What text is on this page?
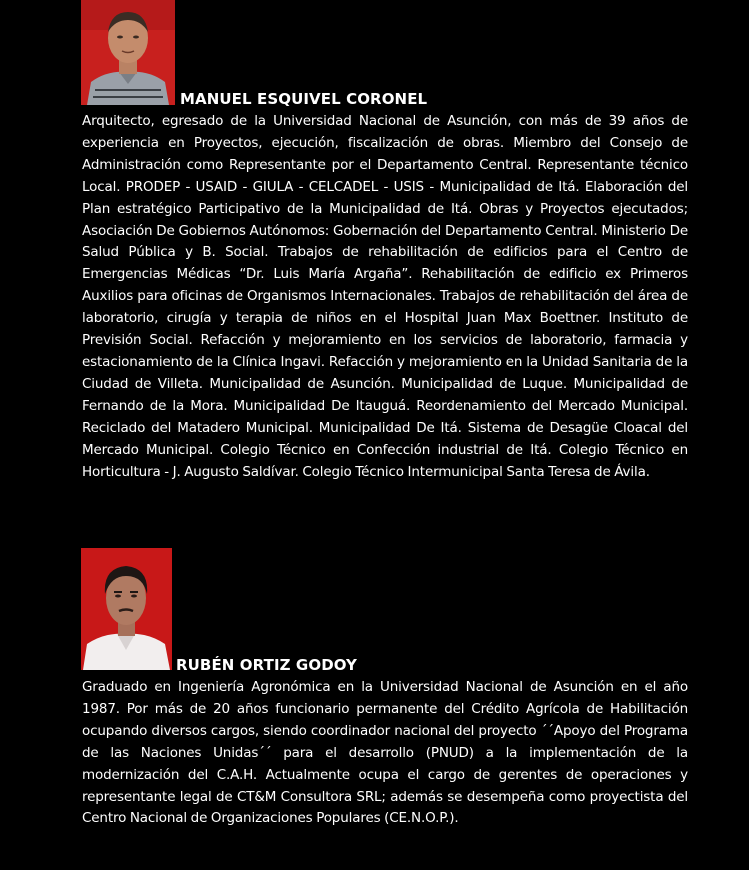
MANUEL ESQUIVEL CORONEL
Arquitecto, egresado de la Universidad Nacional de Asunción, con más de 39 años de experiencia en Proyectos, ejecución, fiscalización de obras. Miembro del Consejo de Administración como Representante por el Departamento Central. Representante técnico Local. PRODEP - USAID - GIULA - CELCADEL - USIS - Municipalidad de Itá. Elaboración del Plan estratégico Participativo de la Municipalidad de Itá. Obras y Proyectos ejecutados; Asociación De Gobiernos Autónomos: Gobernación del Departamento Central. Ministerio De Salud Pública y B. Social. Trabajos de rehabilitación de edificios para el Centro de Emergencias Médicas “Dr. Luis María Argaña”. Rehabilitación de edificio ex Primeros Auxilios para oficinas de Organismos Internacionales. Trabajos de rehabilitación del área de laboratorio, cirugía y terapia de niños en el Hospital Juan Max Boettner. Instituto de Previsión Social. Refacción y mejoramiento en los servicios de laboratorio, farmacia y estacionamiento de la Clínica Ingavi. Refacción y mejoramiento en la Unidad Sanitaria de la Ciudad de Villeta. Municipalidad de Asunción. Municipalidad de Luque. Municipalidad de Fernando de la Mora. Municipalidad De Itauguá. Reordenamiento del Mercado Municipal. Reciclado del Matadero Municipal. Municipalidad De Itá. Sistema de Desagüe Cloacal del Mercado Municipal. Colegio Técnico en Confección industrial de Itá. Colegio Técnico en Horticultura - J. Augusto Saldívar. Colegio Técnico Intermunicipal Santa Teresa de Ávila.
RUBÉN ORTIZ GODOY
Graduado en Ingeniería Agronómica en la Universidad Nacional de Asunción en el año 1987. Por más de 20 años funcionario permanente del Crédito Agrícola de Habilitación ocupando diversos cargos, siendo coordinador nacional del proyecto ´´Apoyo del Programa de las Naciones Unidas´´ para el desarrollo (PNUD) a la implementación de la modernización del C.A.H. Actualmente ocupa el cargo de gerentes de operaciones y representante legal de CT&M Consultora SRL; además se desempeña como proyectista del Centro Nacional de Organizaciones Populares (CE.N.O.P.).
